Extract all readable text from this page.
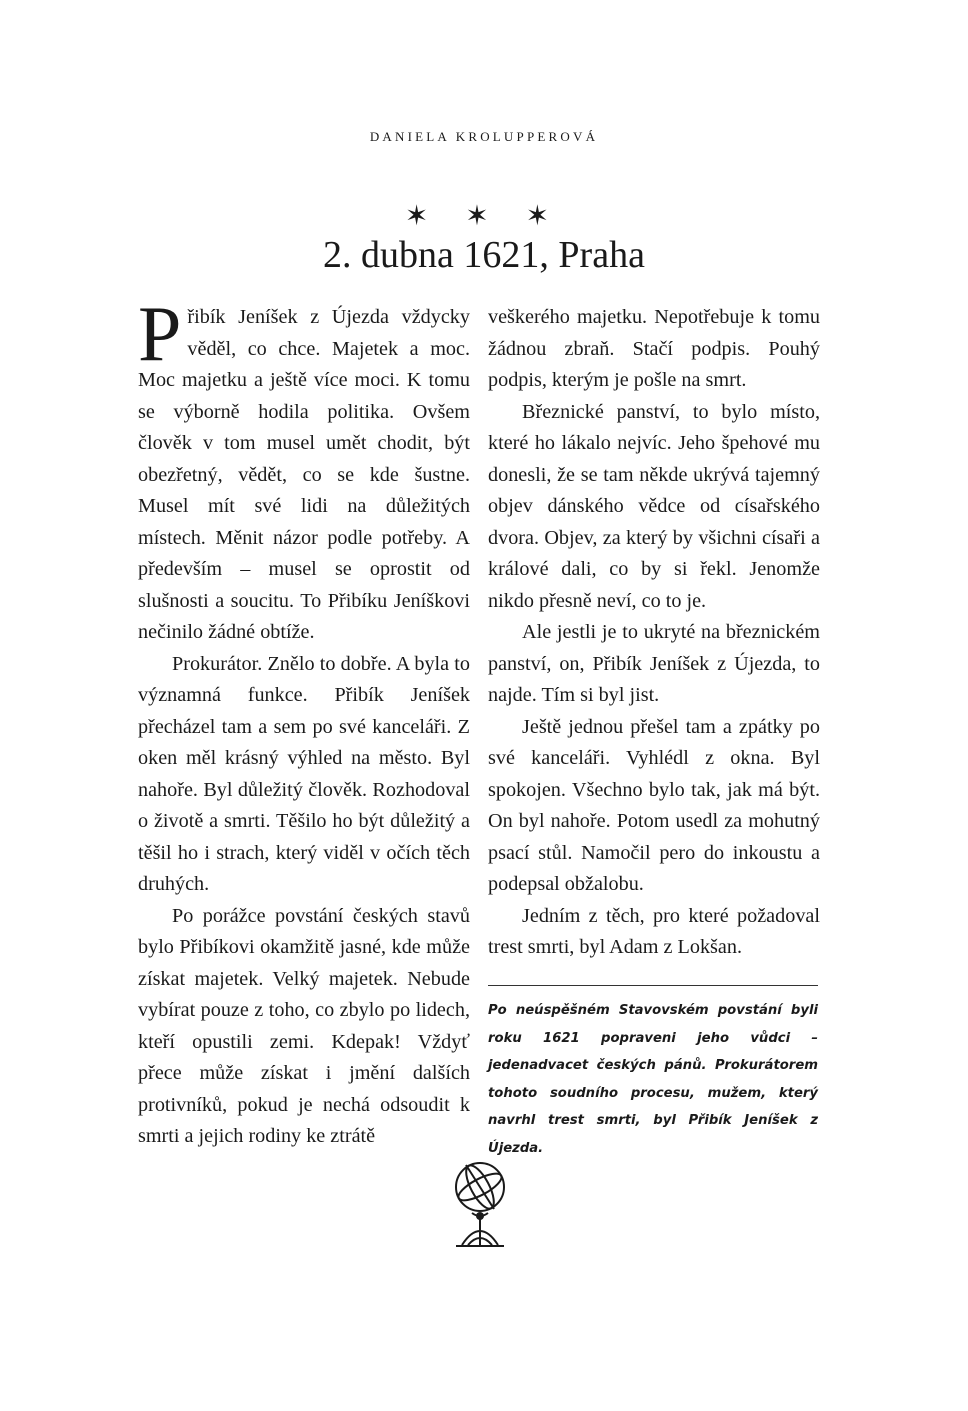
DANIELA KROLUPPEROVÁ
✶ ✶ ✶
2. dubna 1621, Praha

Přibík Jeníšek z Újezda vždycky věděl, co chce. Majetek a moc. Moc majetku a ještě více moci. K tomu se výborně hodila politika. Ovšem člověk v tom musel umět chodit, být obezřetný, vědět, co se kde šustne. Musel mít své lidi na důležitých místech. Měnit názor podle potřeby. A především – musel se oprostit od slušnosti a soucitu. To Přibíku Jeníškovi nečinilo žádné obtíže.

Prokurátor. Znělo to dobře. A byla to významná funkce. Přibík Jeníšek přecházel tam a sem po své kanceláři. Z oken měl krásný výhled na město. Byl nahoře. Byl důležitý člověk. Rozhodoval o životě a smrti. Těšilo ho být důležitý a těšil ho i strach, který viděl v očích těch druhých.

Po porážce povstání českých stavů bylo Přibíkovi okamžitě jasné, kde může získat majetek. Velký majetek. Nebude vybírat pouze z toho, co zbylo po lidech, kteří opustili zemi. Kdepak! Vždyť přece může získat i jmění dalších protivníků, pokud je nechá odsoudit k smrti a jejich rodiny ke ztrátě

veškerého majetku. Nepotřebuje k tomu žádnou zbraň. Stačí podpis. Pouhý podpis, kterým je pošle na smrt.

Březnické panství, to bylo místo, které ho lákalo nejvíc. Jeho špehové mu donesli, že se tam někde ukrývá tajemný objev dánského vědce od císařského dvora. Objev, za který by všichni císaři a králové dali, co by si řekl. Jenomže nikdo přesně neví, co to je.

Ale jestli je to ukryté na březnickém panství, on, Přibík Jeníšek z Újezda, to najde. Tím si byl jist.

Ještě jednou přešel tam a zpátky po své kanceláři. Vyhlédl z okna. Byl spokojen. Všechno bylo tak, jak má být. On byl nahoře. Potom usedl za mohutný psací stůl. Namočil pero do inkoustu a podepsal obžalobu.

Jedním z těch, pro které požadoval trest smrti, byl Adam z Lokšan.

Po neúspěšném Stavovském povstání byli roku 1621 popraveni jeho vůdci – jedenadvacet českých pánů. Prokurátorem tohoto soudního procesu, mužem, který navrhl trest smrti, byl Přibík Jeníšek z Újezda.
